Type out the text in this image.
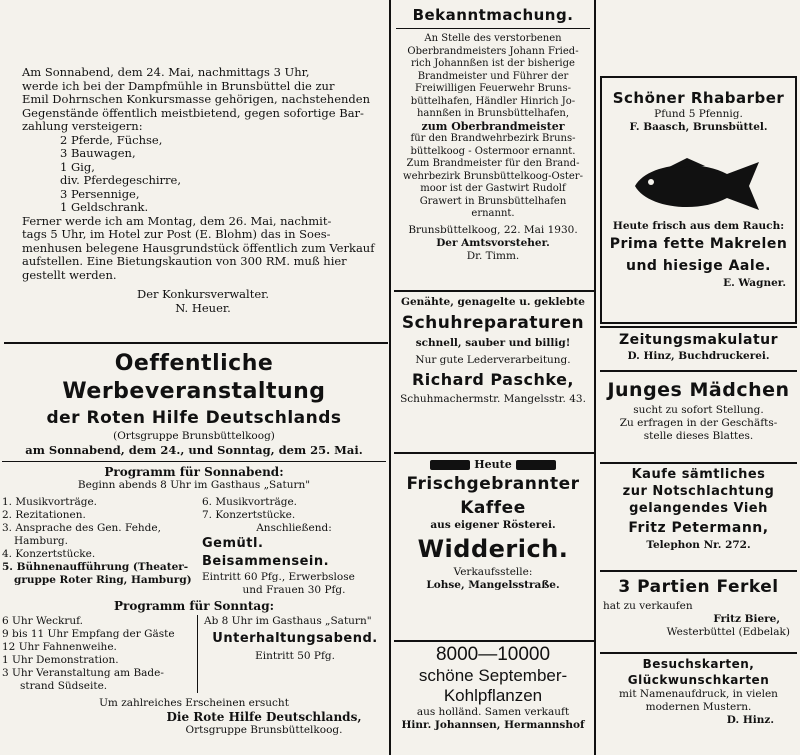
Am Sonnabend, dem 24. Mai, nachmittags 3 Uhr,

werde ich bei der Dampfmühle in Brunsbüttel die zur

Emil Dohrnschen Konkursmasse gehörigen, nachstehenden

Gegenstände öffentlich meistbietend, gegen sofortige Bar-

zahlung versteigern:

2 Pferde, Füchse,

3 Bauwagen,

1 Gig,

div. Pferdegeschirre,

3 Persennige,

1 Geldschrank.

Ferner werde ich am Montag, dem 26. Mai, nachmit-

tags 5 Uhr, im Hotel zur Post (E. Blohm) das in Soes-

menhusen belegene Hausgrundstück öffentlich zum Verkauf

aufstellen. Eine Bietungskaution von 300 RM. muß hier

gestellt werden.

Der Konkursverwalter.

N. Heuer.

Oeffentliche Werbeveranstaltung

der Roten Hilfe Deutschlands

(Ortsgruppe Brunsbüttelkoog)

am Sonnabend, dem 24., und Sonntag, dem 25. Mai.

Programm für Sonnabend:

Beginn abends 8 Uhr im Gasthaus „Saturn"

1. Musikvorträge.

2. Rezitationen.

3. Ansprache des Gen. Fehde,

Hamburg.

4. Konzertstücke.

5. Bühnenaufführung (Theater-

gruppe Roter Ring, Hamburg)

6. Musikvorträge.

7. Konzertstücke.

Anschließend:

Gemütl. Beisammensein.

Eintritt 60 Pfg., Erwerbslose

und Frauen 30 Pfg.

Programm für Sonntag:

6 Uhr Weckruf.

9 bis 11 Uhr Empfang der Gäste

12 Uhr Fahnenweihe.

1 Uhr Demonstration.

3 Uhr Veranstaltung am Bade-

strand Südseite.

Ab 8 Uhr im Gasthaus „Saturn"

Unterhaltungsabend.

Eintritt 50 Pfg.

Um zahlreiches Erscheinen ersucht

Die Rote Hilfe Deutschlands,

Ortsgruppe Brunsbüttelkoog.

Bekanntmachung.

An Stelle des verstorbenen

Oberbrandmeisters Johann Fried-

rich Johannßen ist der bisherige

Brandmeister und Führer der

Freiwilligen Feuerwehr Bruns-

büttelhafen, Händler Hinrich Jo-

hannßen in Brunsbüttelhafen,

zum Oberbrandmeister

für den Brandwehrbezirk Bruns-

büttelkoog - Ostermoor ernannt.

Zum Brandmeister für den Brand-

wehrbezirk Brunsbüttelkoog-Oster-

moor ist der Gastwirt Rudolf

Grawert in Brunsbüttelhafen

ernannt.

Brunsbüttelkoog, 22. Mai 1930.

Der Amtsvorsteher.

Dr. Timm.

Genähte, genagelte u. geklebte

Schuhreparaturen

schnell, sauber und billig!

Nur gute Lederverarbeitung.

Richard Paschke,

Schuhmachermstr. Mangelsstr. 43.

Heute

Frischgebrannter

Kaffee

aus eigener Rösterei.

Widderich.

Verkaufsstelle:

Lohse, Mangelsstraße.

8000—10000

schöne September-

Kohlpflanzen

aus holländ. Samen verkauft

Hinr. Johannsen, Hermannshof

Schöner Rhabarber

Pfund 5 Pfennig.

F. Baasch, Brunsbüttel.

Heute frisch aus dem Rauch:

Prima fette Makrelen

und hiesige Aale.

E. Wagner.

Zeitungsmakulatur

D. Hinz, Buchdruckerei.

Junges Mädchen

sucht zu sofort Stellung.

Zu erfragen in der Geschäfts-

stelle dieses Blattes.

Kaufe sämtliches

zur Notschlachtung

gelangendes Vieh

Fritz Petermann,

Telephon Nr. 272.

3 Partien Ferkel

hat zu verkaufen

Fritz Biere,

Westerbüttel (Edbelak)

Besuchskarten,

Glückwunschkarten

mit Namenaufdruck, in vielen

modernen Mustern.

D. Hinz.
